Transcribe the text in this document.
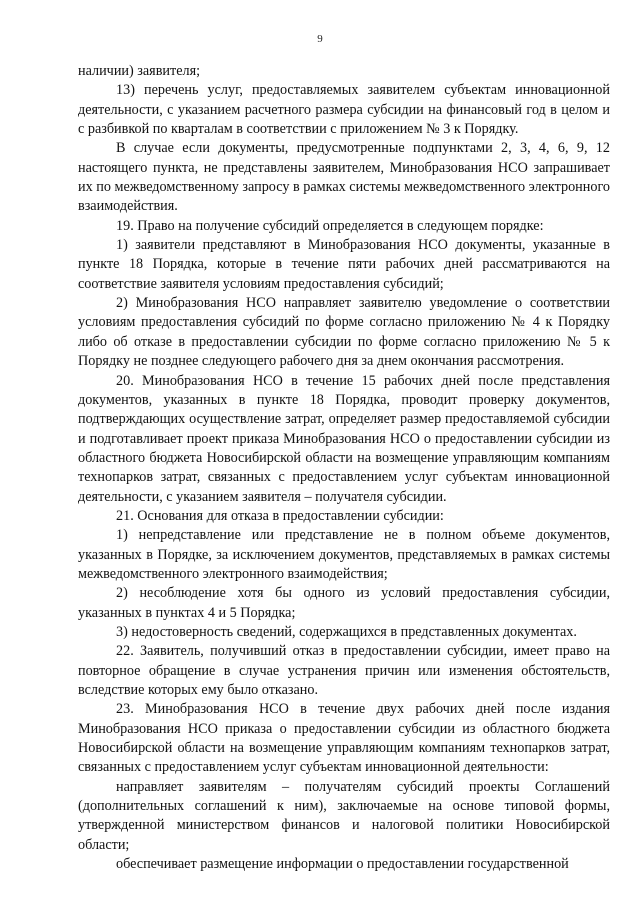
9

наличии) заявителя;

13) перечень услуг, предоставляемых заявителем субъектам инновационной деятельности, с указанием расчетного размера субсидии на финансовый год в целом и с разбивкой по кварталам в соответствии с приложением № 3 к Порядку.

В случае если документы, предусмотренные подпунктами 2, 3, 4, 6, 9, 12 настоящего пункта, не представлены заявителем, Минобразования НСО запрашивает их по межведомственному запросу в рамках системы межведомственного электронного взаимодействия.

19. Право на получение субсидий определяется в следующем порядке:

1) заявители представляют в Минобразования НСО документы, указанные в пункте 18 Порядка, которые в течение пяти рабочих дней рассматриваются на соответствие заявителя условиям предоставления субсидий;

2) Минобразования НСО направляет заявителю уведомление о соответствии условиям предоставления субсидий по форме согласно приложению № 4 к Порядку либо об отказе в предоставлении субсидии по форме согласно приложению № 5 к Порядку не позднее следующего рабочего дня за днем окончания рассмотрения.

20. Минобразования НСО в течение 15 рабочих дней после представления документов, указанных в пункте 18 Порядка, проводит проверку документов, подтверждающих осуществление затрат, определяет размер предоставляемой субсидии и подготавливает проект приказа Минобразования НСО о предоставлении субсидии из областного бюджета Новосибирской области на возмещение управляющим компаниям технопарков затрат, связанных с предоставлением услуг субъектам инновационной деятельности, с указанием заявителя – получателя субсидии.

21. Основания для отказа в предоставлении субсидии:

1) непредставление или представление не в полном объеме документов, указанных в Порядке, за исключением документов, представляемых в рамках системы межведомственного электронного взаимодействия;

2) несоблюдение хотя бы одного из условий предоставления субсидии, указанных в пунктах 4 и 5 Порядка;

3) недостоверность сведений, содержащихся в представленных документах.

22. Заявитель, получивший отказ в предоставлении субсидии, имеет право на повторное обращение в случае устранения причин или изменения обстоятельств, вследствие которых ему было отказано.

23. Минобразования НСО в течение двух рабочих дней после издания Минобразования НСО приказа о предоставлении субсидии из областного бюджета Новосибирской области на возмещение управляющим компаниям технопарков затрат, связанных с предоставлением услуг субъектам инновационной деятельности:

направляет заявителям – получателям субсидий проекты Соглашений (дополнительных соглашений к ним), заключаемые на основе типовой формы, утвержденной министерством финансов и налоговой политики Новосибирской области;

обеспечивает размещение информации о предоставлении государственной
